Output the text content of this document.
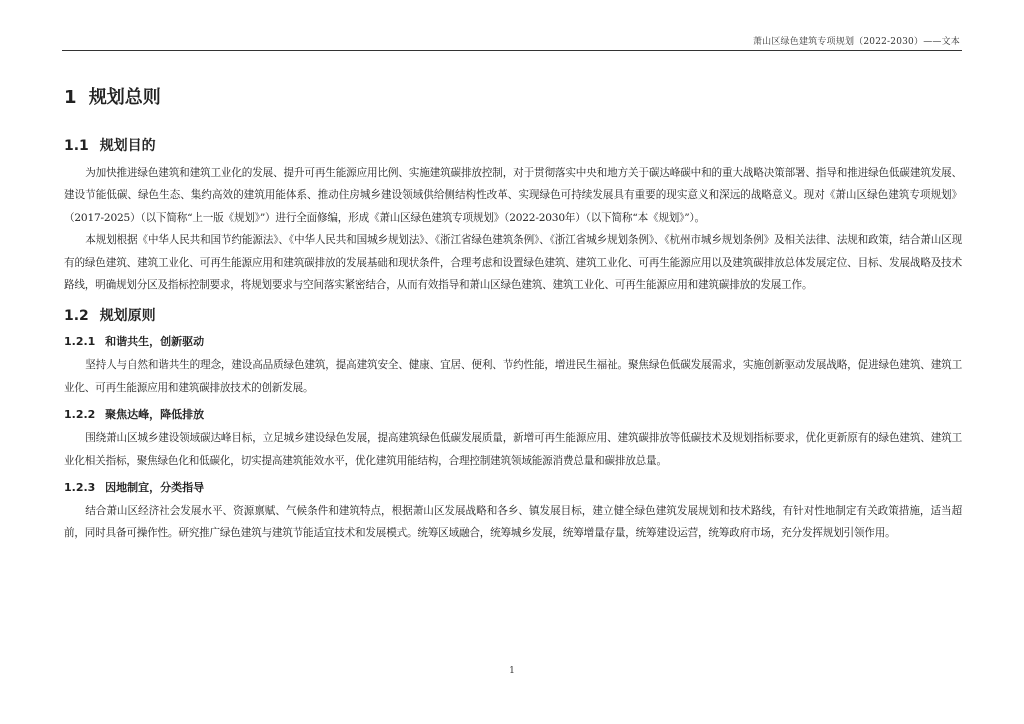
萧山区绿色建筑专项规划（2022-2030）——文本
1 规划总则
1.1 规划目的

为加快推进绿色建筑和建筑工业化的发展、提升可再生能源应用比例、实施建筑碳排放控制，对于贯彻落实中央和地方关于碳达峰碳中和的重大战略决策部署、指导和推进绿色低碳建筑发展、建设节能低碳、绿色生态、集约高效的建筑用能体系、推动住房城乡建设领域供给侧结构性改革、实现绿色可持续发展具有重要的现实意义和深远的战略意义。现对《萧山区绿色建筑专项规划》（2017-2025）（以下简称“上一版《规划》”）进行全面修编，形成《萧山区绿色建筑专项规划》（2022-2030年）（以下简称“本《规划》”）。

本规划根据《中华人民共和国节约能源法》、《中华人民共和国城乡规划法》、《浙江省绿色建筑条例》、《浙江省城乡规划条例》、《杭州市城乡规划条例》及相关法律、法规和政策，结合萧山区现有的绿色建筑、建筑工业化、可再生能源应用和建筑碳排放的发展基础和现状条件，合理考虑和设置绿色建筑、建筑工业化、可再生能源应用以及建筑碳排放总体发展定位、目标、发展战略及技术路线，明确规划分区及指标控制要求，将规划要求与空间落实紧密结合，从而有效指导和萧山区绿色建筑、建筑工业化、可再生能源应用和建筑碳排放的发展工作。

1.2 规划原则
1.2.1 和谐共生，创新驱动

坚持人与自然和谐共生的理念，建设高品质绿色建筑，提高建筑安全、健康、宜居、便利、节约性能，增进民生福祉。聚焦绿色低碳发展需求，实施创新驱动发展战略，促进绿色建筑、建筑工业化、可再生能源应用和建筑碳排放技术的创新发展。

1.2.2 聚焦达峰，降低排放

围绕萧山区城乡建设领域碳达峰目标，立足城乡建设绿色发展，提高建筑绿色低碳发展质量，新增可再生能源应用、建筑碳排放等低碳技术及规划指标要求，优化更新原有的绿色建筑、建筑工业化相关指标，聚焦绿色化和低碳化，切实提高建筑能效水平，优化建筑用能结构，合理控制建筑领域能源消费总量和碳排放总量。

1.2.3 因地制宜，分类指导

结合萧山区经济社会发展水平、资源禀赋、气候条件和建筑特点，根据萧山区发展战略和各乡、镇发展目标，建立健全绿色建筑发展规划和技术路线，有针对性地制定有关政策措施，适当超前，同时具备可操作性。研究推广绿色建筑与建筑节能适宜技术和发展模式。统筹区域融合，统筹城乡发展，统筹增量存量，统筹建设运营，统筹政府市场，充分发挥规划引领作用。

1
